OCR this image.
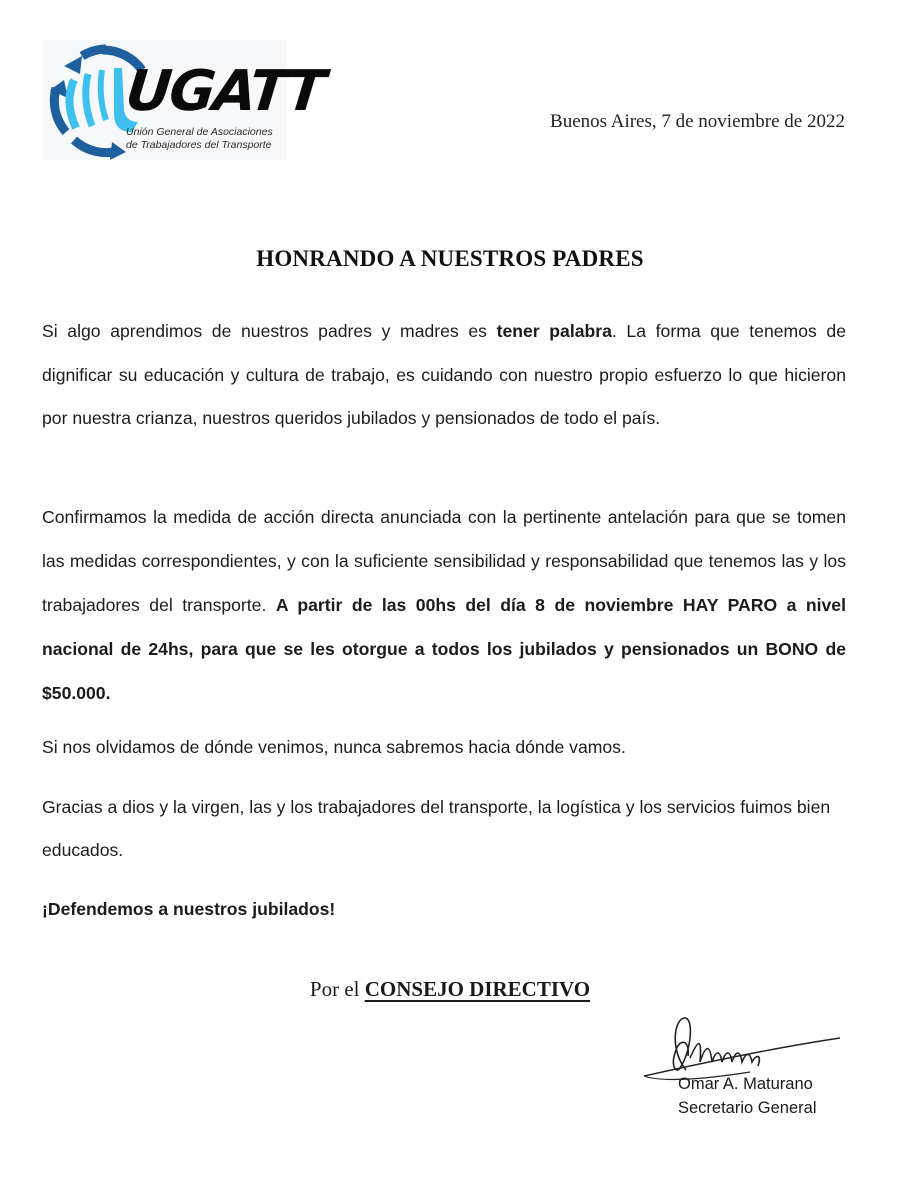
UGATT
Unión General de Asociaciones
de Trabajadores del Transporte
Buenos Aires, 7 de noviembre de 2022
HONRANDO A NUESTROS PADRES
Si algo aprendimos de nuestros padres y madres es tener palabra. La forma que tenemos de dignificar su educación y cultura de trabajo, es cuidando con nuestro propio esfuerzo lo que hicieron por nuestra crianza, nuestros queridos jubilados y pensionados de todo el país.
Confirmamos la medida de acción directa anunciada con la pertinente antelación para que se tomen las medidas correspondientes, y con la suficiente sensibilidad y responsabilidad que tenemos las y los trabajadores del transporte. A partir de las 00hs del día 8 de noviembre HAY PARO a nivel nacional de 24hs, para que se les otorgue a todos los jubilados y pensionados un BONO de $50.000.
Si nos olvidamos de dónde venimos, nunca sabremos hacia dónde vamos.
Gracias a dios y la virgen, las y los trabajadores del transporte, la logística y los servicios fuimos bien educados.
¡Defendemos a nuestros jubilados!
Por el CONSEJO DIRECTIVO
Omar A. Maturano
Secretario General
